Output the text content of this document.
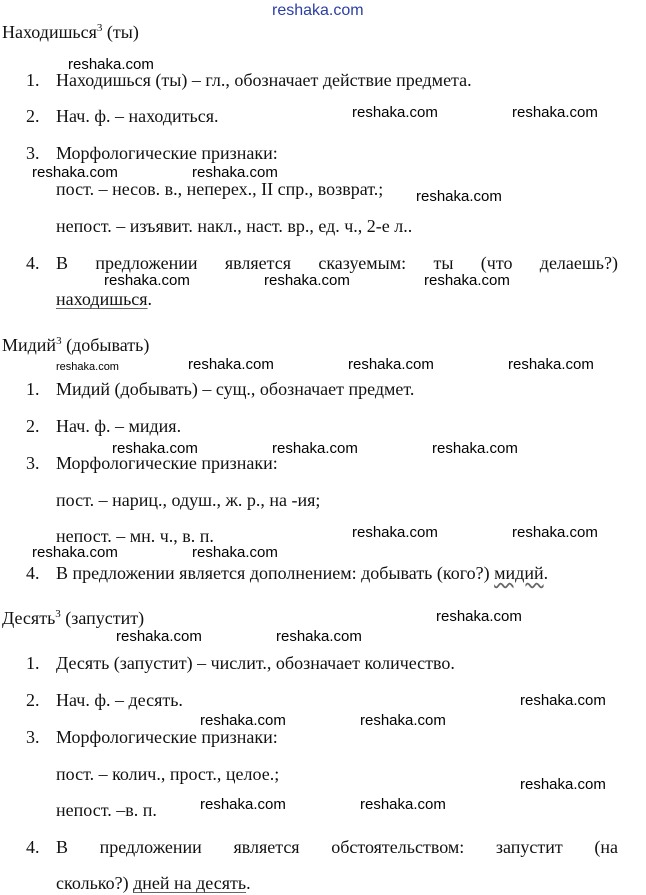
reshaka.com
Находишься$^3$ (ты)
reshaka.com
1. Находишься (ты) – гл., обозначает действие предмета.
2. Нач. ф. – находиться.	reshaka.com	reshaka.com
3. Морфологические признаки:
reshaka.com	reshaka.com
пост. – несов. в., неперех., II спр., возврат.; reshaka.com
непост. – изъявит. накл., наст. вр., ед. ч., 2-е л..
4. В предложении является сказуемым: ты (что делаешь?)
reshaka.com	reshaka.com	reshaka.com
находишься.
Мидий$^3$ (добывать)
reshaka.com	reshaka.com	reshaka.com	reshaka.com
1. Мидий (добывать) – сущ., обозначает предмет.
2. Нач. ф. – мидия.
reshaka.com	reshaka.com	reshaka.com
3. Морфологические признаки:
пост. – нариц., одуш., ж. р., на -ия;
непост. – мн. ч., в. п.	reshaka.com	reshaka.com
reshaka.com	reshaka.com
4. В предложении является дополнением: добывать (кого?) мидий.
Десять$^3$ (запустит)	reshaka.com
reshaka.com	reshaka.com
1. Десять (запустит) – числит., обозначает количество.
2. Нач. ф. – десять.	reshaka.com
reshaka.com	reshaka.com
3. Морфологические признаки:
пост. – колич., прост., целое.;
reshaka.com
непост. –в. п.	reshaka.com	reshaka.com
4. В предложении является обстоятельством: запустит (на
сколько?) дней на десять.
